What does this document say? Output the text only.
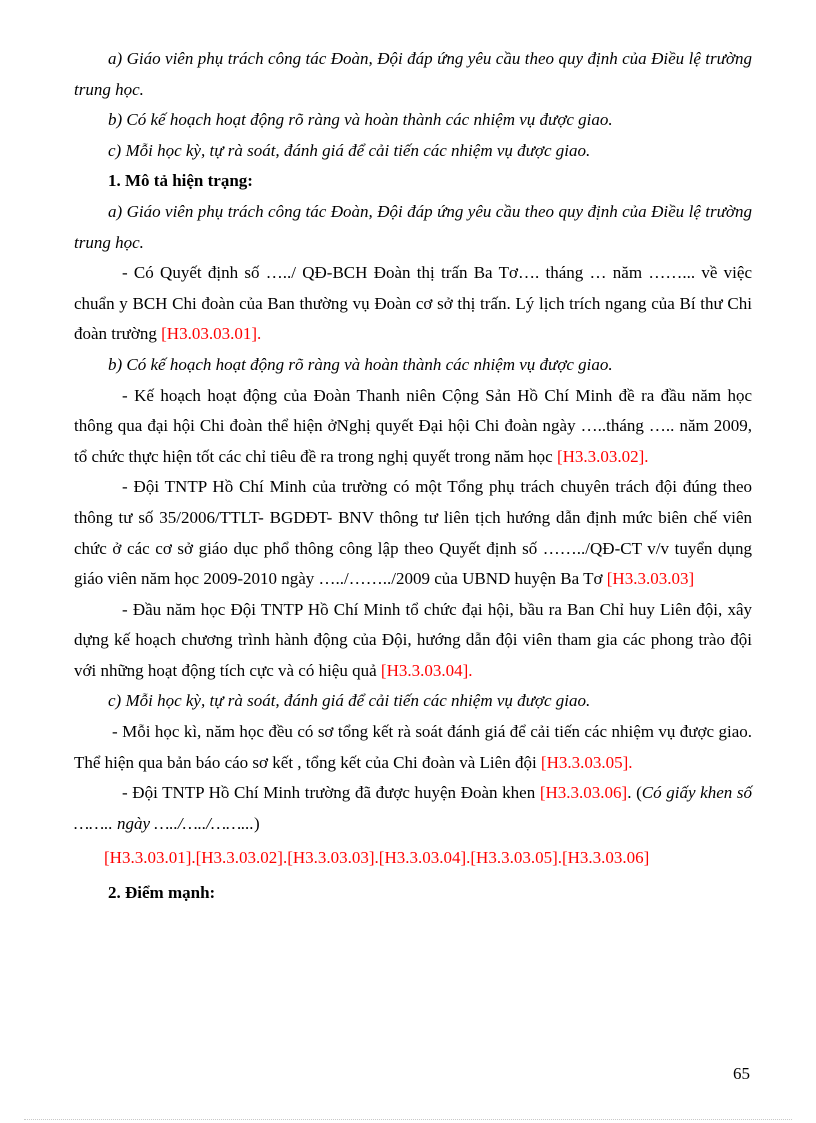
a) Giáo viên phụ trách công tác Đoàn, Đội đáp ứng yêu cầu theo quy định của Điều lệ trường trung học.

b) Có kế hoạch hoạt động rõ ràng và hoàn thành các nhiệm vụ được giao.

c) Mỗi học kỳ, tự rà soát, đánh giá để cải tiến các nhiệm vụ được giao.

1. Mô tả hiện trạng:

a) Giáo viên phụ trách công tác Đoàn, Đội đáp ứng yêu cầu theo quy định của Điều lệ trường trung học.

- Có Quyết định số …../ QĐ-BCH Đoàn thị trấn Ba Tơ…. tháng … năm ……... về việc chuẩn y BCH Chi đoàn của Ban thường vụ Đoàn cơ sở thị trấn. Lý lịch trích ngang của Bí thư Chi đoàn trường [H3.03.03.01].

b) Có kế hoạch hoạt động rõ ràng và hoàn thành các nhiệm vụ được giao.

- Kế hoạch hoạt động của Đoàn Thanh niên Cộng Sản Hồ Chí Minh đề ra đầu năm học thông qua đại hội Chi đoàn thể hiện ởNghị quyết Đại hội Chi đoàn ngày …..tháng ….. năm 2009, tổ chức thực hiện tốt các chỉ tiêu đề ra trong nghị quyết trong năm học [H3.3.03.02].

- Đội TNTP Hồ Chí Minh của trường có một Tổng phụ trách chuyên trách đội đúng theo thông tư số 35/2006/TTLT- BGDĐT- BNV thông tư liên tịch hướng dẫn định mức biên chế viên chức ở các cơ sở giáo dục phổ thông công lập theo Quyết định số ……../QĐ-CT v/v tuyển dụng giáo viên năm học 2009-2010 ngày …../……../2009 của UBND huyện Ba Tơ [H3.3.03.03]

- Đầu năm học Đội TNTP Hồ Chí Minh tổ chức đại hội, bầu ra Ban Chỉ huy Liên đội, xây dựng kế hoạch chương trình hành động của Đội, hướng dẫn đội viên tham gia các phong trào đội với những hoạt động tích cực và có hiệu quả [H3.3.03.04].

c) Mỗi học kỳ, tự rà soát, đánh giá để cải tiến các nhiệm vụ được giao.

- Mỗi học kì, năm học đều có sơ tổng kết rà soát đánh giá để cải tiến các nhiệm vụ được giao. Thể hiện qua bản báo cáo sơ kết , tổng kết của Chi đoàn và Liên đội [H3.3.03.05].

- Đội TNTP Hồ Chí Minh trường đã được huyện Đoàn khen [H3.3.03.06]. (Có giấy khen số …….. ngày …../…../……...)

[H3.3.03.01].[H3.3.03.02].[H3.3.03.03].[H3.3.03.04].[H3.3.03.05].[H3.3.03.06]

2. Điểm mạnh:

65
